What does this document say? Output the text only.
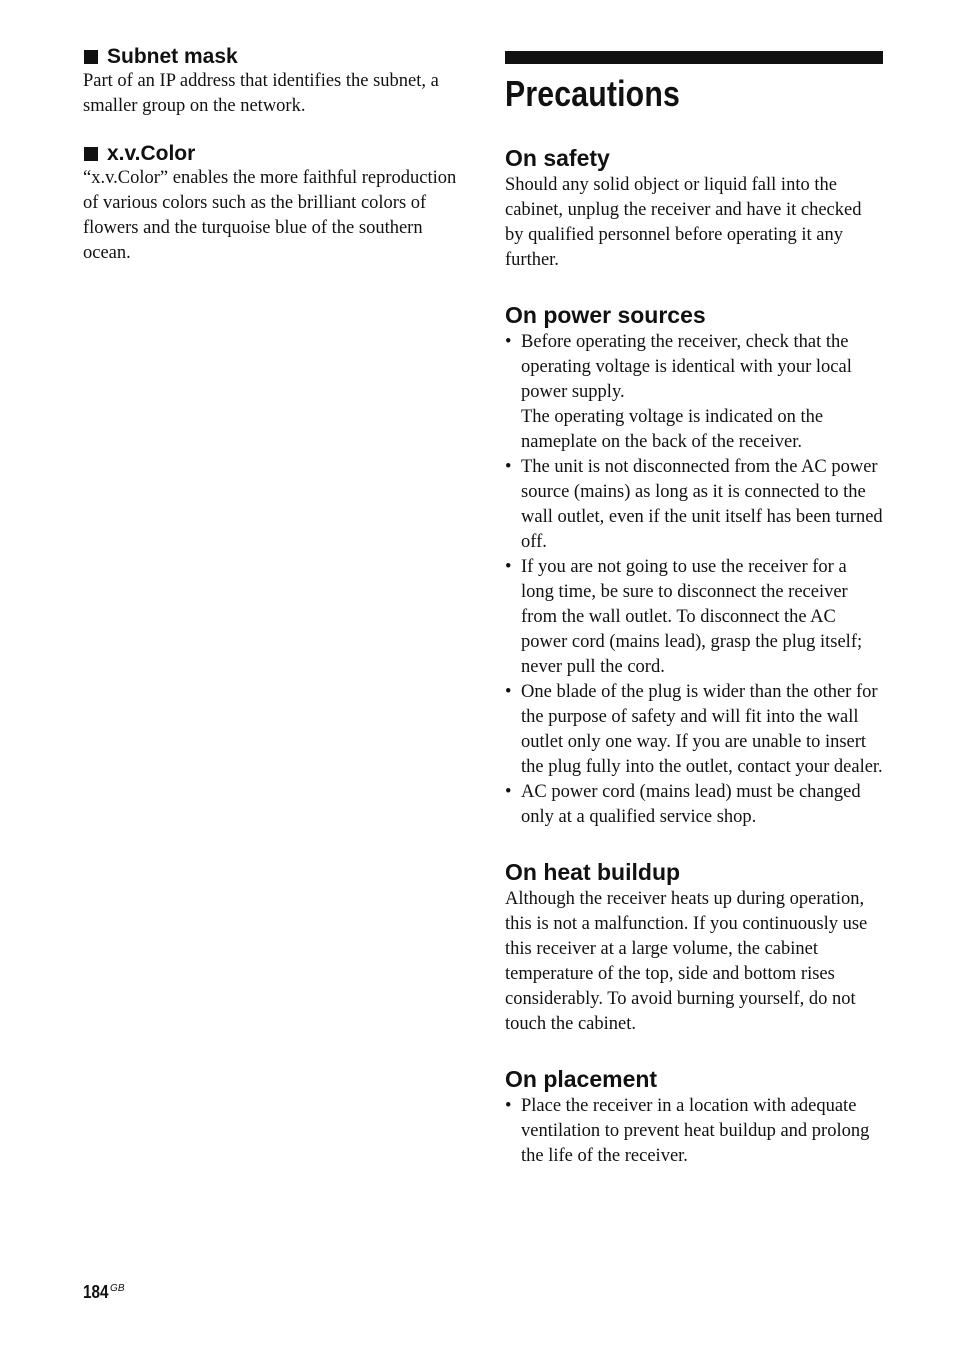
Subnet mask

Part of an IP address that identifies the subnet, a smaller group on the network.

x.v.Color

“x.v.Color” enables the more faithful reproduction of various colors such as the brilliant colors of flowers and the turquoise blue of the southern ocean.

Precautions
On safety

Should any solid object or liquid fall into the cabinet, unplug the receiver and have it checked by qualified personnel before operating it any further.

On power sources
• Before operating the receiver, check that the operating voltage is identical with your local power supply.
The operating voltage is indicated on the nameplate on the back of the receiver.
• The unit is not disconnected from the AC power source (mains) as long as it is connected to the wall outlet, even if the unit itself has been turned off.
• If you are not going to use the receiver for a long time, be sure to disconnect the receiver from the wall outlet. To disconnect the AC power cord (mains lead), grasp the plug itself; never pull the cord.
• One blade of the plug is wider than the other for the purpose of safety and will fit into the wall outlet only one way. If you are unable to insert the plug fully into the outlet, contact your dealer.
• AC power cord (mains lead) must be changed only at a qualified service shop.
On heat buildup

Although the receiver heats up during operation, this is not a malfunction. If you continuously use this receiver at a large volume, the cabinet temperature of the top, side and bottom rises considerably. To avoid burning yourself, do not touch the cabinet.

On placement
• Place the receiver in a location with adequate ventilation to prevent heat buildup and prolong the life of the receiver.
184 GB
